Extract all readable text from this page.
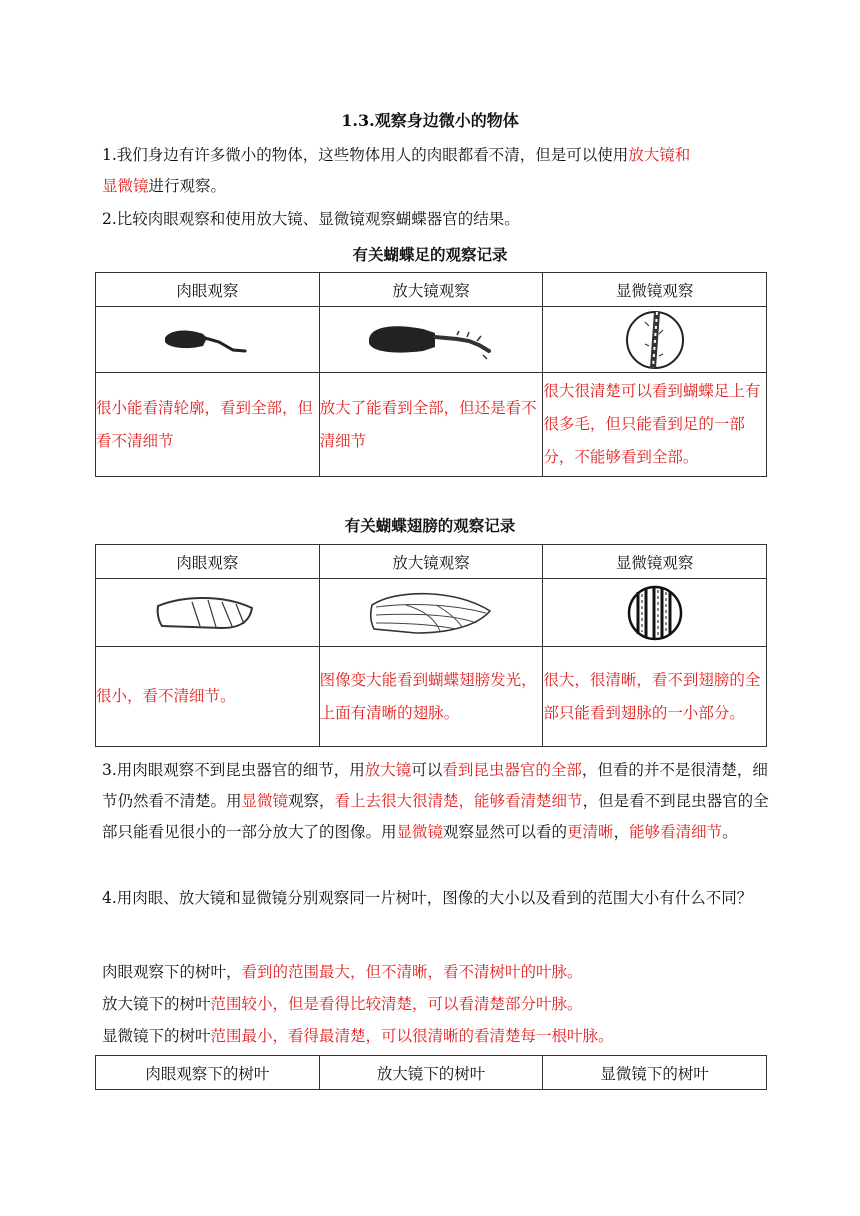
1.3.观察身边微小的物体
1.我们身边有许多微小的物体，这些物体用人的肉眼都看不清，但是可以使用放大镜和
显微镜进行观察。
2.比较肉眼观察和使用放大镜、显微镜观察蝴蝶器官的结果。
有关蝴蝶足的观察记录
肉眼观察	放大镜观察	显微镜观察

很小能看清轮廓，看到全部，但看不清细节	放大了能看到全部，但还是看不清细节	很大很清楚可以看到蝴蝶足上有很多毛，但只能看到足的一部分，不能够看到全部。
有关蝴蝶翅膀的观察记录
肉眼观察	放大镜观察	显微镜观察

很小，看不清细节。	图像变大能看到蝴蝶翅膀发光，上面有清晰的翅脉。	很大，很清晰，看不到翅膀的全部只能看到翅脉的一小部分。
3.用肉眼观察不到昆虫器官的细节，用放大镜可以看到昆虫器官的全部，但看的并不是很清楚，细节仍然看不清楚。用显微镜观察，看上去很大很清楚，能够看清楚细节，但是看不到昆虫器官的全部只能看见很小的一部分放大了的图像。用显微镜观察显然可以看的更清晰，能够看清细节。
4.用肉眼、放大镜和显微镜分别观察同一片树叶，图像的大小以及看到的范围大小有什么不同？
肉眼观察下的树叶，看到的范围最大，但不清晰，看不清树叶的叶脉。
放大镜下的树叶范围较小，但是看得比较清楚，可以看清楚部分叶脉。
显微镜下的树叶范围最小，看得最清楚，可以很清晰的看清楚每一根叶脉。
肉眼观察下的树叶	放大镜下的树叶	显微镜下的树叶
